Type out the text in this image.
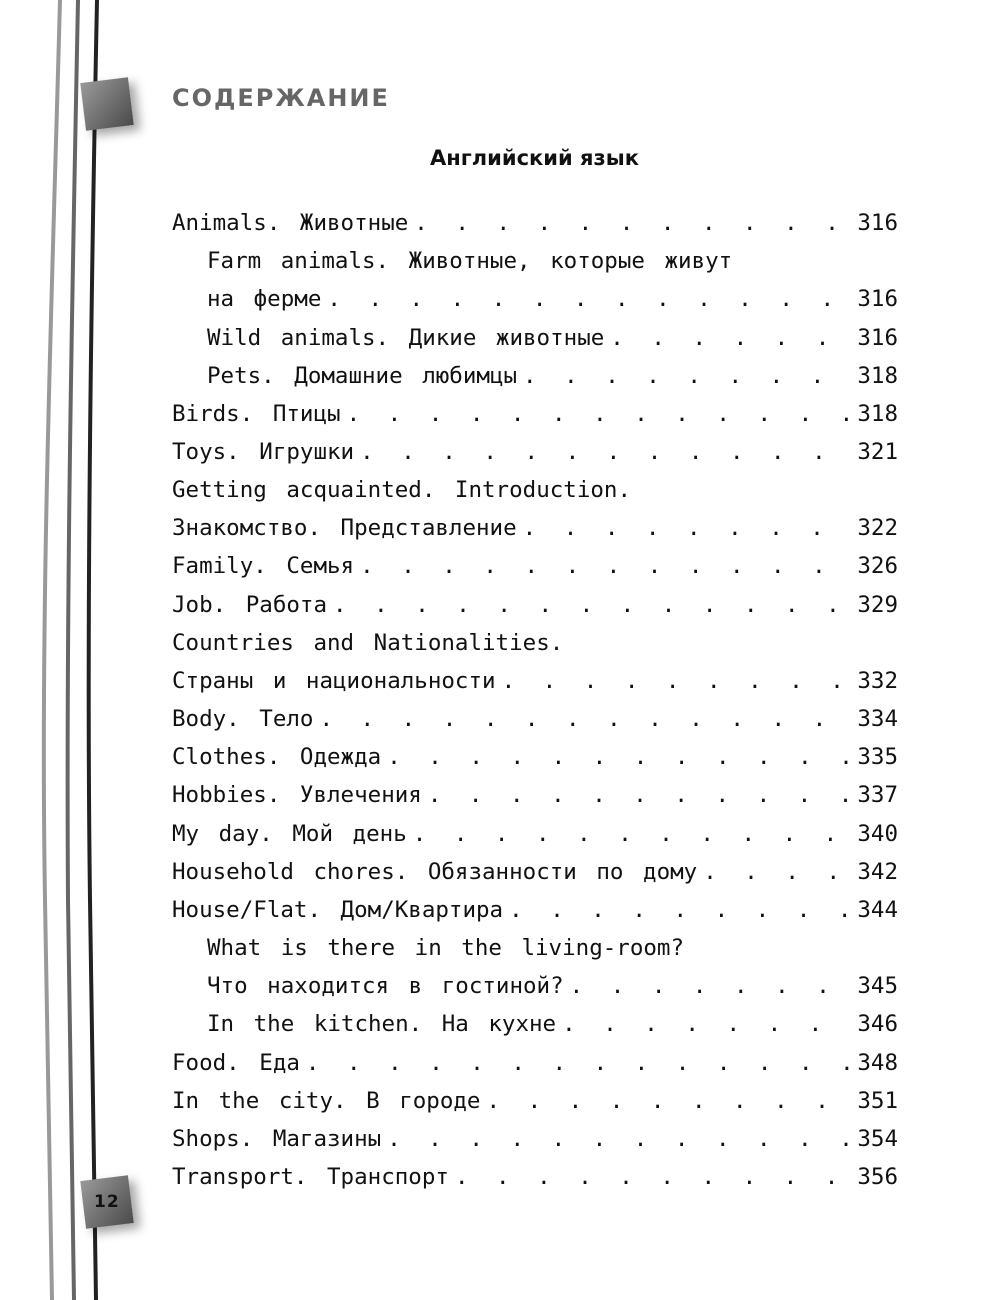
12
СОДЕРЖАНИЕ
Английский язык
Animals. Животные . . .	316
Farm animals. Животные, которые живут
на ферме . . .	316
Wild animals. Дикие животные . . .	316
Pets. Домашние любимцы . . .	318
Birds. Птицы . . .	318
Toys. Игрушки . . .	321
Getting acquainted. Introduction.
Знакомство. Представление . . .	322
Family. Семья . . .	326
Job. Работа . . .	329
Countries and Nationalities.
Страны и национальности . . .	332
Body. Тело . . .	334
Clothes. Одежда . . .	335
Hobbies. Увлечения . . .	337
My day. Мой день . . .	340
Household chores. Обязанности по дому . . .	342
House/Flat. Дом/Квартира . . .	344
What is there in the living-room?
Что находится в гостиной? . . .	345
In the kitchen. На кухне . . .	346
Food. Еда . . .	348
In the city. В городе . . .	351
Shops. Магазины . . .	354
Transport. Транспорт . . .	356
